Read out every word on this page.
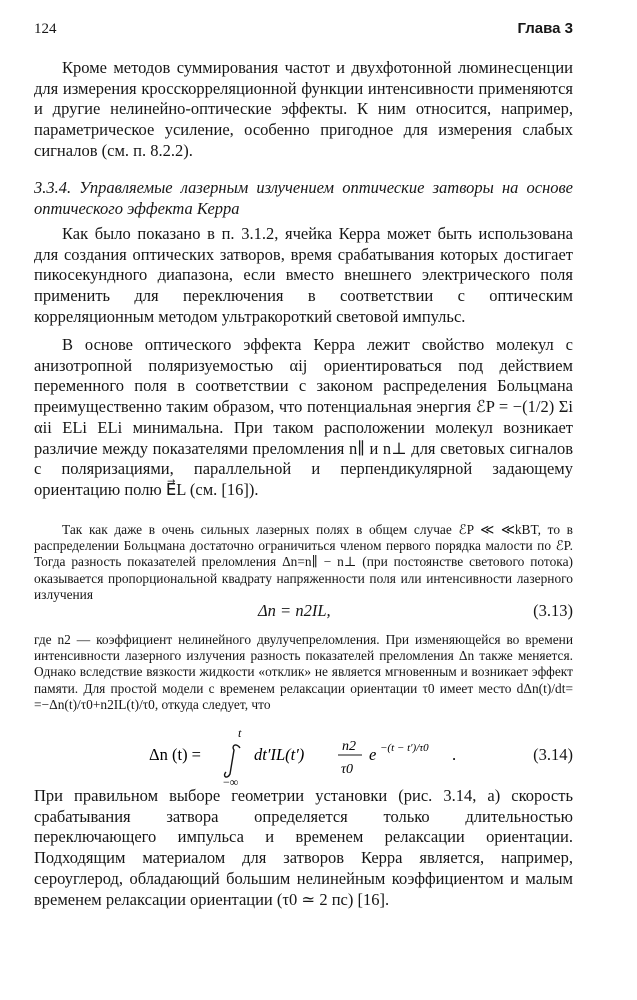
124	Глава 3

Кроме методов суммирования частот и двухфотонной люминесценции для измерения кросскорреляционной функции интенсивности применяются и другие нелинейно-оптические эффекты. К ним относится, например, параметрическое усиление, особенно пригодное для измерения слабых сигналов (см. п. 8.2.2).

3.3.4. Управляемые лазерным излучением оптические затворы на основе оптического эффекта Керра

Как было показано в п. 3.1.2, ячейка Керра может быть использована для создания оптических затворов, время срабатывания которых достигает пикосекундного диапазона, если вместо внешнего электрического поля применить для переключения в соответствии с оптическим корреляционным методом ультракороткий световой импульс.

В основе оптического эффекта Керра лежит свойство молекул с анизотропной поляризуемостью αij ориентироваться под действием переменного поля в соответствии с законом распределения Больцмана преимущественно таким образом, что потенциальная энергия ℰP = −(1/2) Σi αii ELi ELi минимальна. При таком расположении молекул возникает различие между показателями преломления n∥ и n⊥ для световых сигналов с поляризациями, параллельной и перпендикулярной задающему ориентацию полю E⃗L (см. [16]).

Так как даже в очень сильных лазерных полях в общем случае ℰP ≪ ≪kBT, то в распределении Больцмана достаточно ограничиться членом первого порядка малости по ℰP. Тогда разность показателей преломления Δn=n∥ − n⊥ (при постоянстве светового потока) оказывается пропорциональной квадрату напряженности поля или интенсивности лазерного излучения

Δn = n2IL,	(3.13)

где n2 — коэффициент нелинейного двулучепреломления. При изменяющейся во времени интенсивности лазерного излучения разность показателей преломления Δn также меняется. Однако вследствие вязкости жидкости «отклик» не является мгновенным и возникает эффект памяти. Для простой модели с временем релаксации ориентации τ0 имеет место dΔn(t)/dt= =−Δn(t)/τ0+n2IL(t)/τ0, откуда следует, что

Δn (t) =
t
−∞
dt′IL(t′)	n2
τ0
e −(t − t′)/τ0 .	(3.14)

При правильном выборе геометрии установки (рис. 3.14, a) скорость срабатывания затвора определяется только длительностью переключающего импульса и временем релаксации ориентации. Подходящим материалом для затворов Керра является, например, сероуглерод, обладающий большим нелинейным коэффициентом и малым временем релаксации ориентации (τ0 ≃ 2 пс) [16].
